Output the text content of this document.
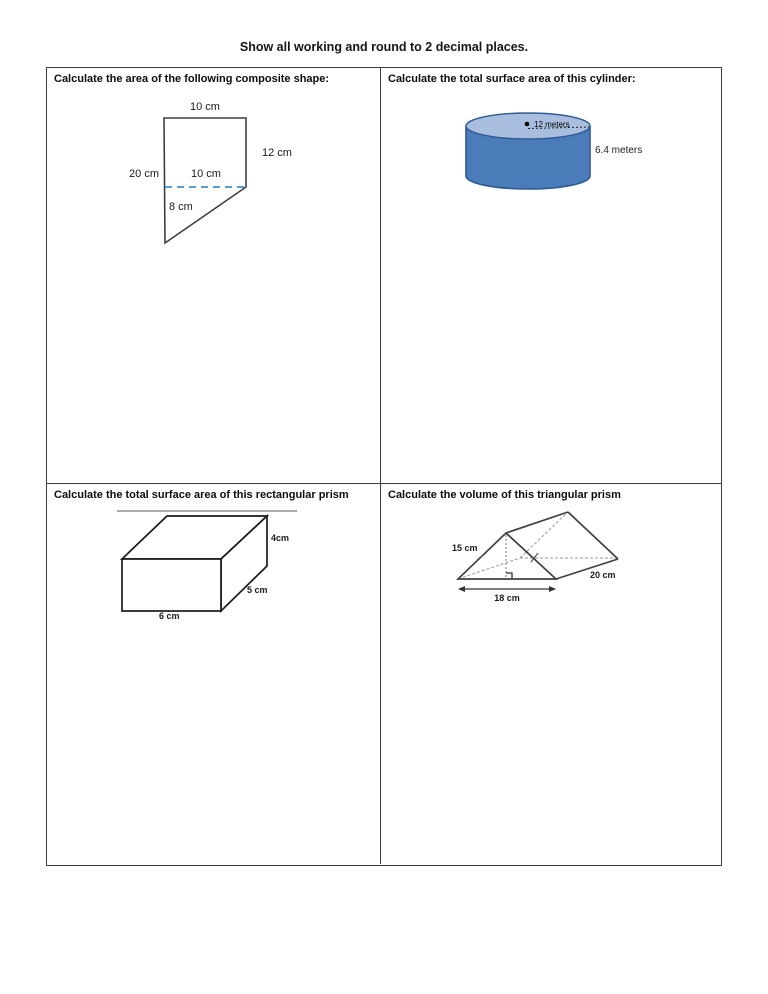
Show all working and round to 2 decimal places.
Calculate the area of the following composite shape:
10 cm
12 cm
20 cm	10 cm
8 cm
Calculate the total surface area of this cylinder:
12 meters
6.4 meters
Calculate the total surface area of this rectangular prism
4cm
5 cm
6 cm
Calculate the volume of this triangular prism
15 cm
20 cm
18 cm
